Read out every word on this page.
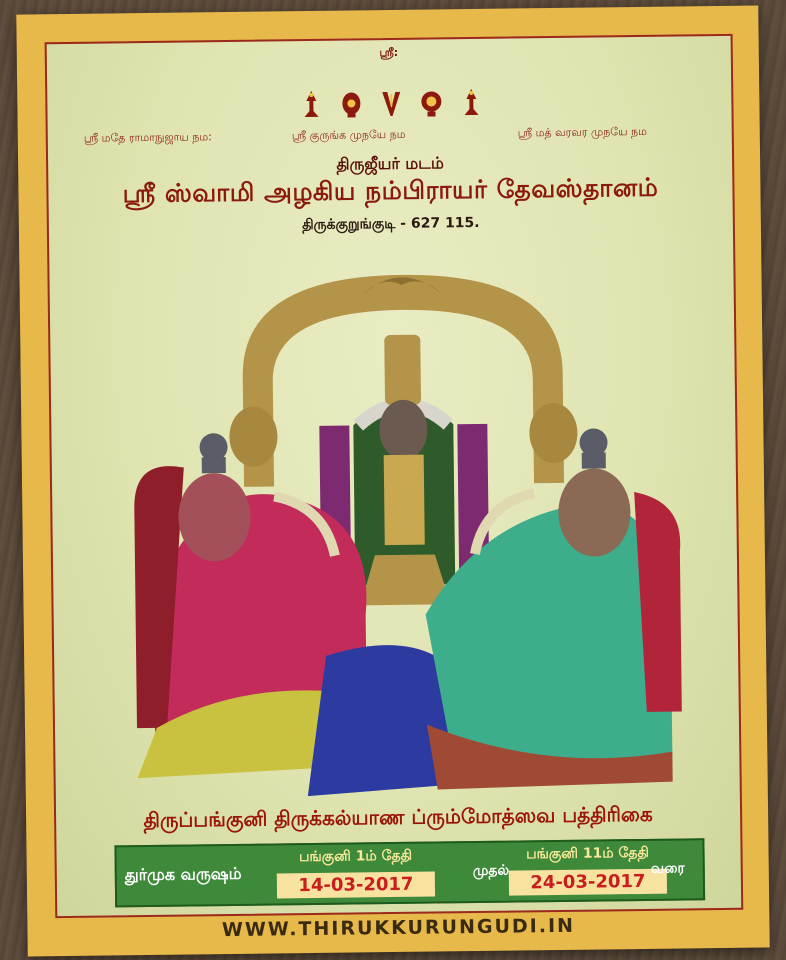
ஸ்ரீ:
ஸ்ரீ மதே ராமாநுஜாய நம:	ஸ்ரீ குருங்க முநயே நம	ஸ்ரீ மத் வரவர முநயே நம
திருஜீயர் மடம்
ஸ்ரீ ஸ்வாமி அழகிய நம்பிராயர் தேவஸ்தானம்
திருக்குறுங்குடி - 627 115.
திருப்பங்குனி திருக்கல்யாண ப்ரும்மோத்ஸவ பத்திரிகை
துர்முக வருஷம்
பங்குனி 1ம் தேதி
14-03-2017
முதல்
பங்குனி 11ம் தேதி
24-03-2017
வரை
WWW.THIRUKKURUNGUDI.IN
